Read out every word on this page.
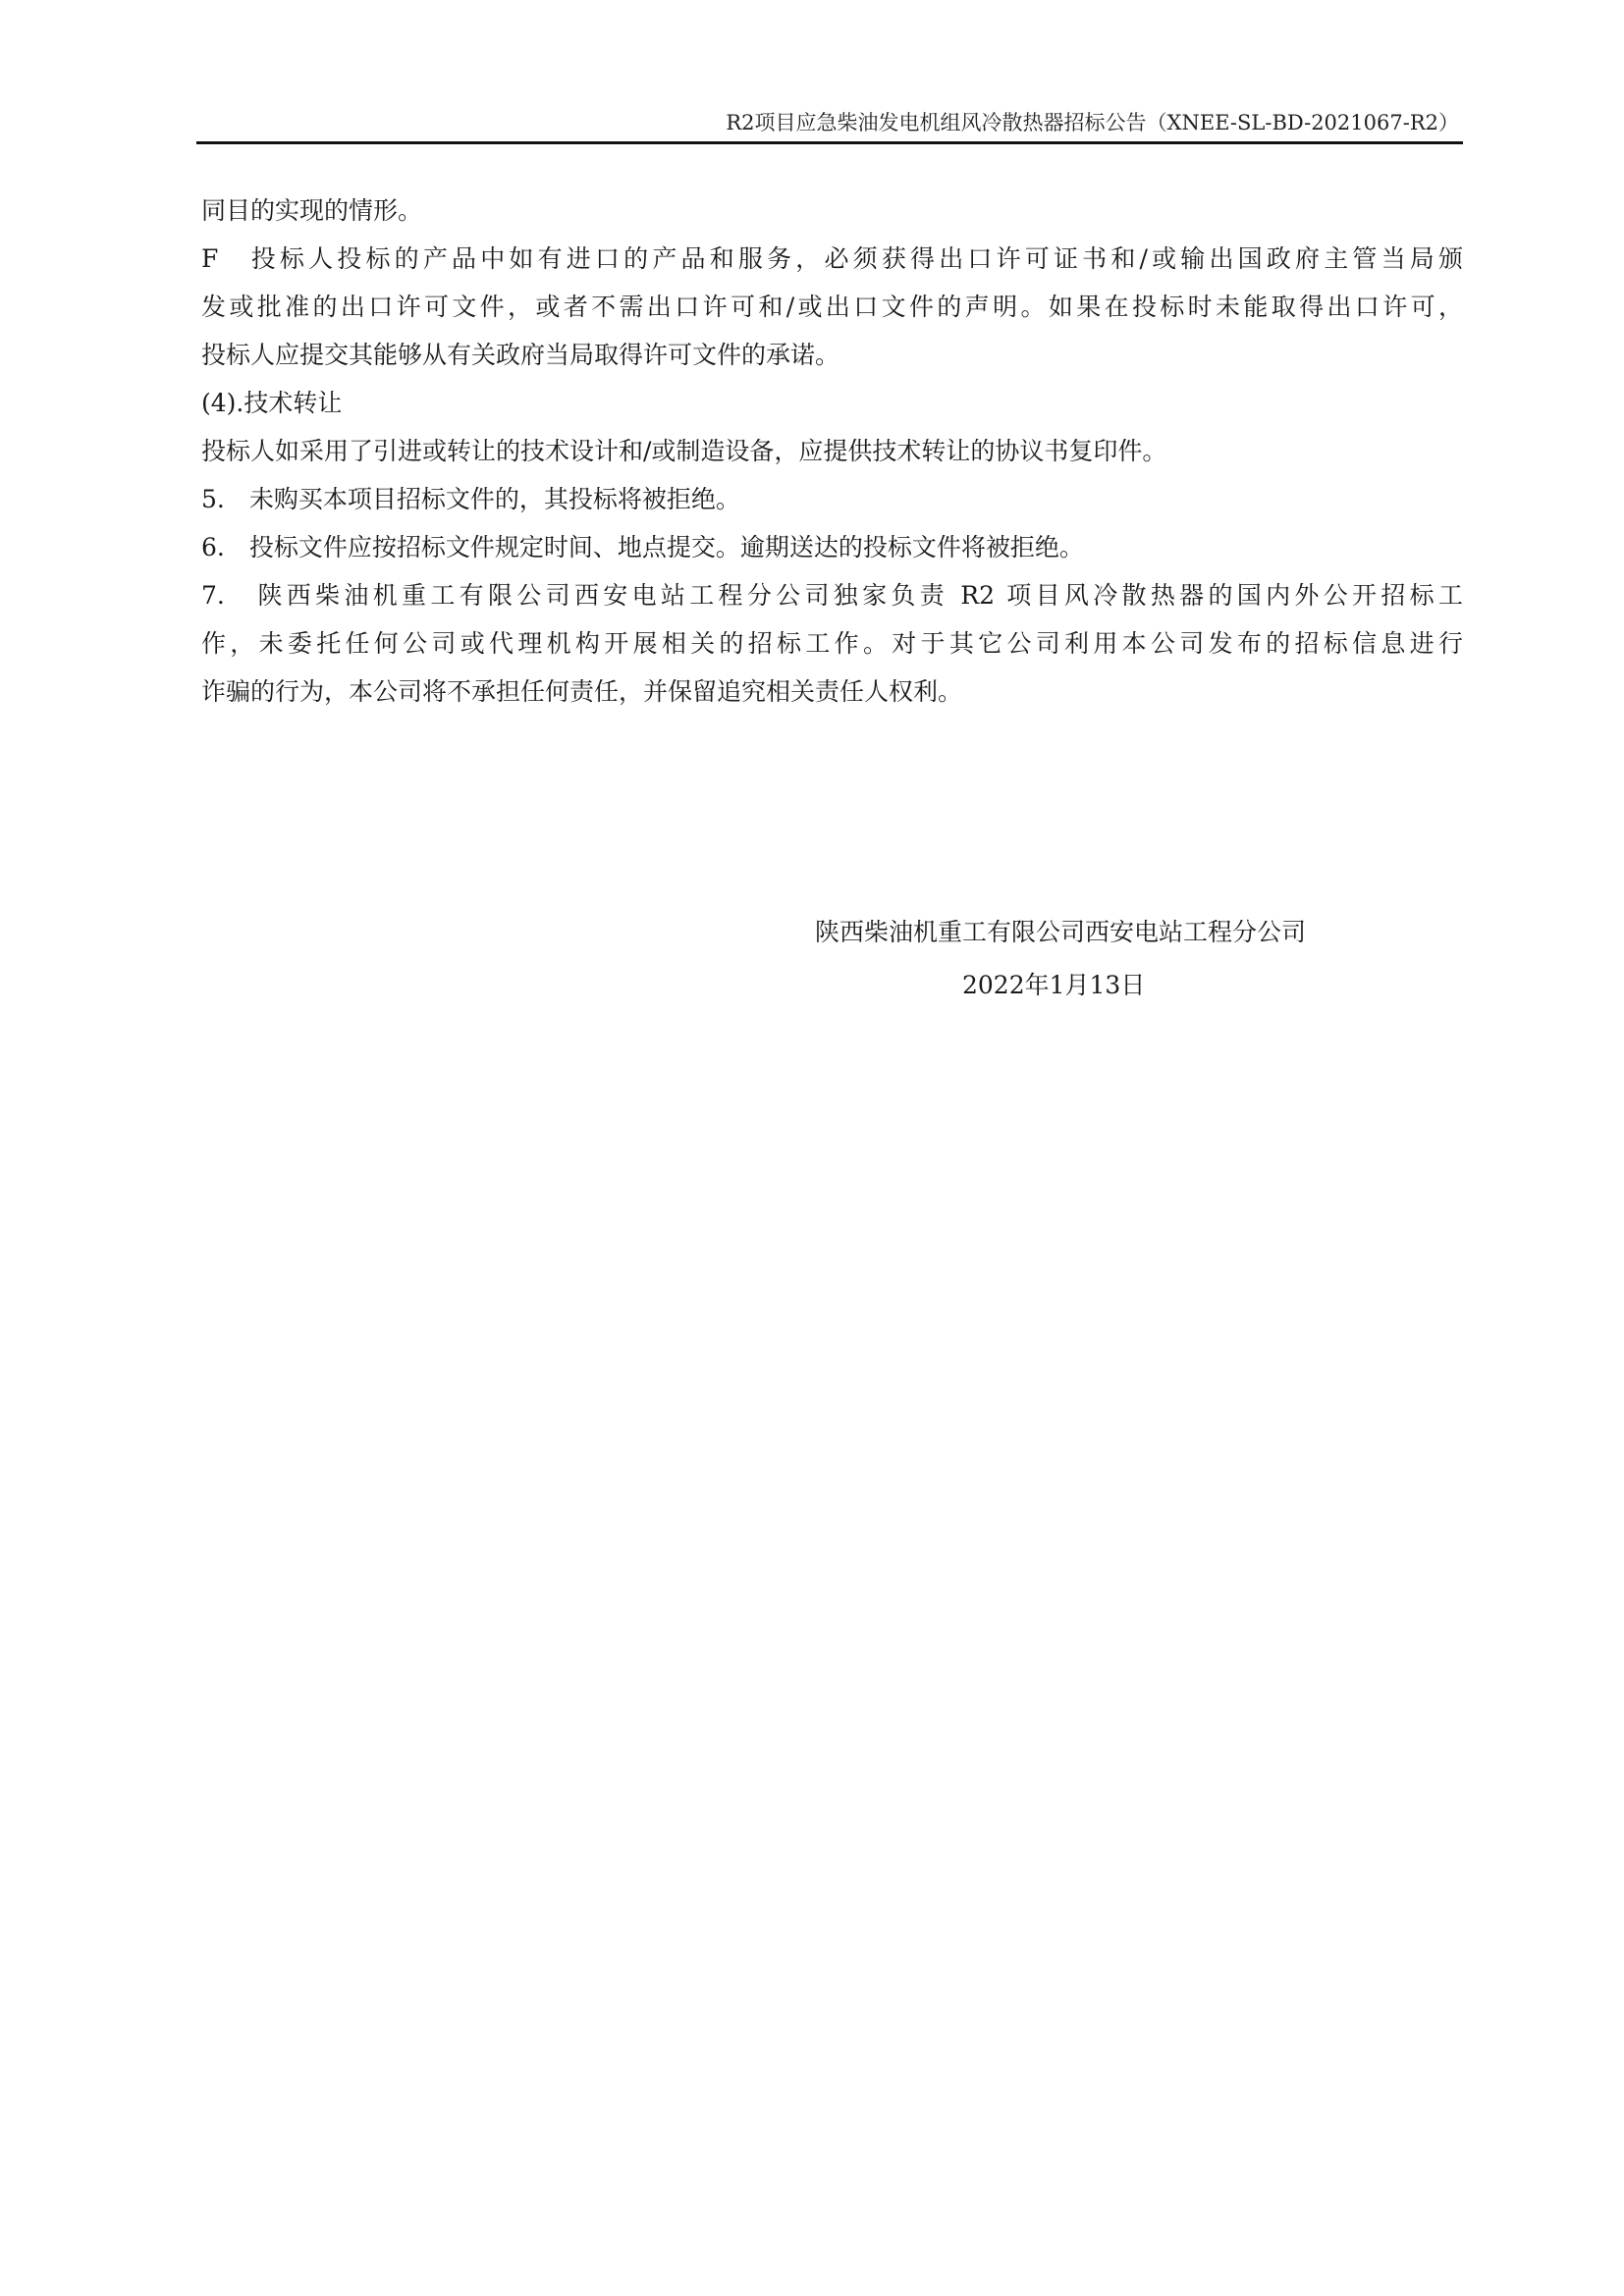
R2项目应急柴油发电机组风冷散热器招标公告（XNEE-SL-BD-2021067-R2）

同目的实现的情形。

F　投标人投标的产品中如有进口的产品和服务，必须获得出口许可证书和/或输出国政府主管当局颁

发或批准的出口许可文件，或者不需出口许可和/或出口文件的声明。如果在投标时未能取得出口许可，

投标人应提交其能够从有关政府当局取得许可文件的承诺。

(4).技术转让

投标人如采用了引进或转让的技术设计和/或制造设备，应提供技术转让的协议书复印件。

5.　未购买本项目招标文件的，其投标将被拒绝。

6.　投标文件应按招标文件规定时间、地点提交。逾期送达的投标文件将被拒绝。

7.　陕西柴油机重工有限公司西安电站工程分公司独家负责 R2 项目风冷散热器的国内外公开招标工

作，未委托任何公司或代理机构开展相关的招标工作。对于其它公司利用本公司发布的招标信息进行

诈骗的行为，本公司将不承担任何责任，并保留追究相关责任人权利。

陕西柴油机重工有限公司西安电站工程分公司
2022年1月13日
